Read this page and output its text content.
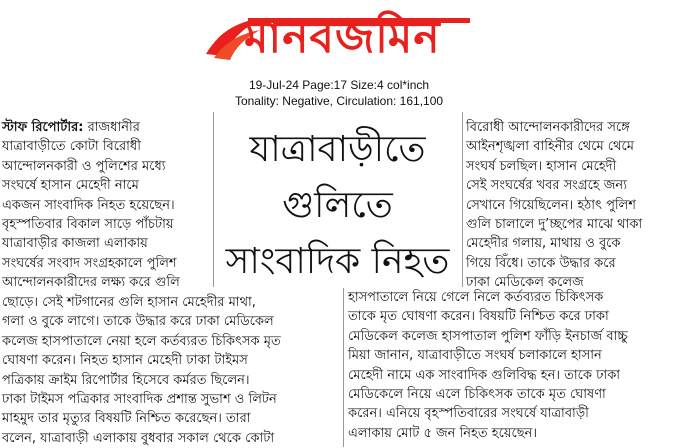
মানবজমিন
19-Jul-24 Page:17 Size:4 col*inch
Tonality: Negative, Circulation: 161,100
স্টাফ রিপোর্টার: রাজধানীর
যাত্রাবাড়ীতে কোটা বিরোধী
আন্দোলনকারী ও পুলিশের মধ্যে
সংঘর্ষে হাসান মেহেদী নামে
একজন সাংবাদিক নিহত হয়েছেন।
বৃহস্পতিবার বিকাল সাড়ে পাঁচটায়
যাত্রাবাড়ীর কাজলা এলাকায়
সংঘর্ষের সংবাদ সংগ্রহকালে পুলিশ
আন্দোলনকারীদের লক্ষ্য করে গুলি
যাত্রাবাড়ীতে
গুলিতে
সাংবাদিক নিহত
বিরোধী আন্দোলনকারীদের সঙ্গে
আইনশৃঙ্খলা বাহিনীর থেমে থেমে
সংঘর্ষ চলছিল। হাসান মেহেদী
সেই সংঘর্ষের খবর সংগ্রহে জন্য
সেখানে গিয়েছিলেন। হঠাৎ পুলিশ
গুলি চালালে দু’চ্ছপের মাঝে থাকা
মেহেদীর গলায়, মাথায় ও বুকে
গিয়ে বিঁধে। তাকে উদ্ধার করে
ঢাকা মেডিকেল কলেজ
ছোড়ে। সেই শটগানের গুলি হাসান মেহেদীর মাথা,
গলা ও বুকে লাগে। তাকে উদ্ধার করে ঢাকা মেডিকেল
কলেজ হাসপাতালে নেয়া হলে কর্তব্যরত চিকিৎসক মৃত
ঘোষণা করেন। নিহত হাসান মেহেদী ঢাকা টাইমস
পত্রিকায় ক্রাইম রিপোর্টার হিসেবে কর্মরত ছিলেন।
ঢাকা টাইমস পত্রিকার সাংবাদিক প্রশান্ত সুভাশ ও লিটন
মাহমুদ তার মৃত্যুর বিষয়টি নিশ্চিত করেছেন। তারা
বলেন, যাত্রাবাড়ী এলাকায় বুধবার সকাল থেকে কোটা
হাসপাতালে নিয়ে গেলে নিলে কর্তব্যরত চিকিৎসক
তাকে মৃত ঘোষণা করেন। বিষয়টি নিশ্চিত করে ঢাকা
মেডিকেল কলেজ হাসপাতাল পুলিশ ফাঁড়ি ইনচার্জ বাচ্চু
মিয়া জানান, যাত্রাবাড়ীতে সংঘর্ষ চলাকালে হাসান
মেহেদী নামে এক সাংবাদিক গুলিবিদ্ধ হন। তাকে ঢাকা
মেডিকেলে নিয়ে এলে চিকিৎসক তাকে মৃত ঘোষণা
করেন। এনিয়ে বৃহস্পতিবারের সংঘর্ষে যাত্রাবাড়ী
এলাকায় মোট ৫ জন নিহত হয়েছেন।
